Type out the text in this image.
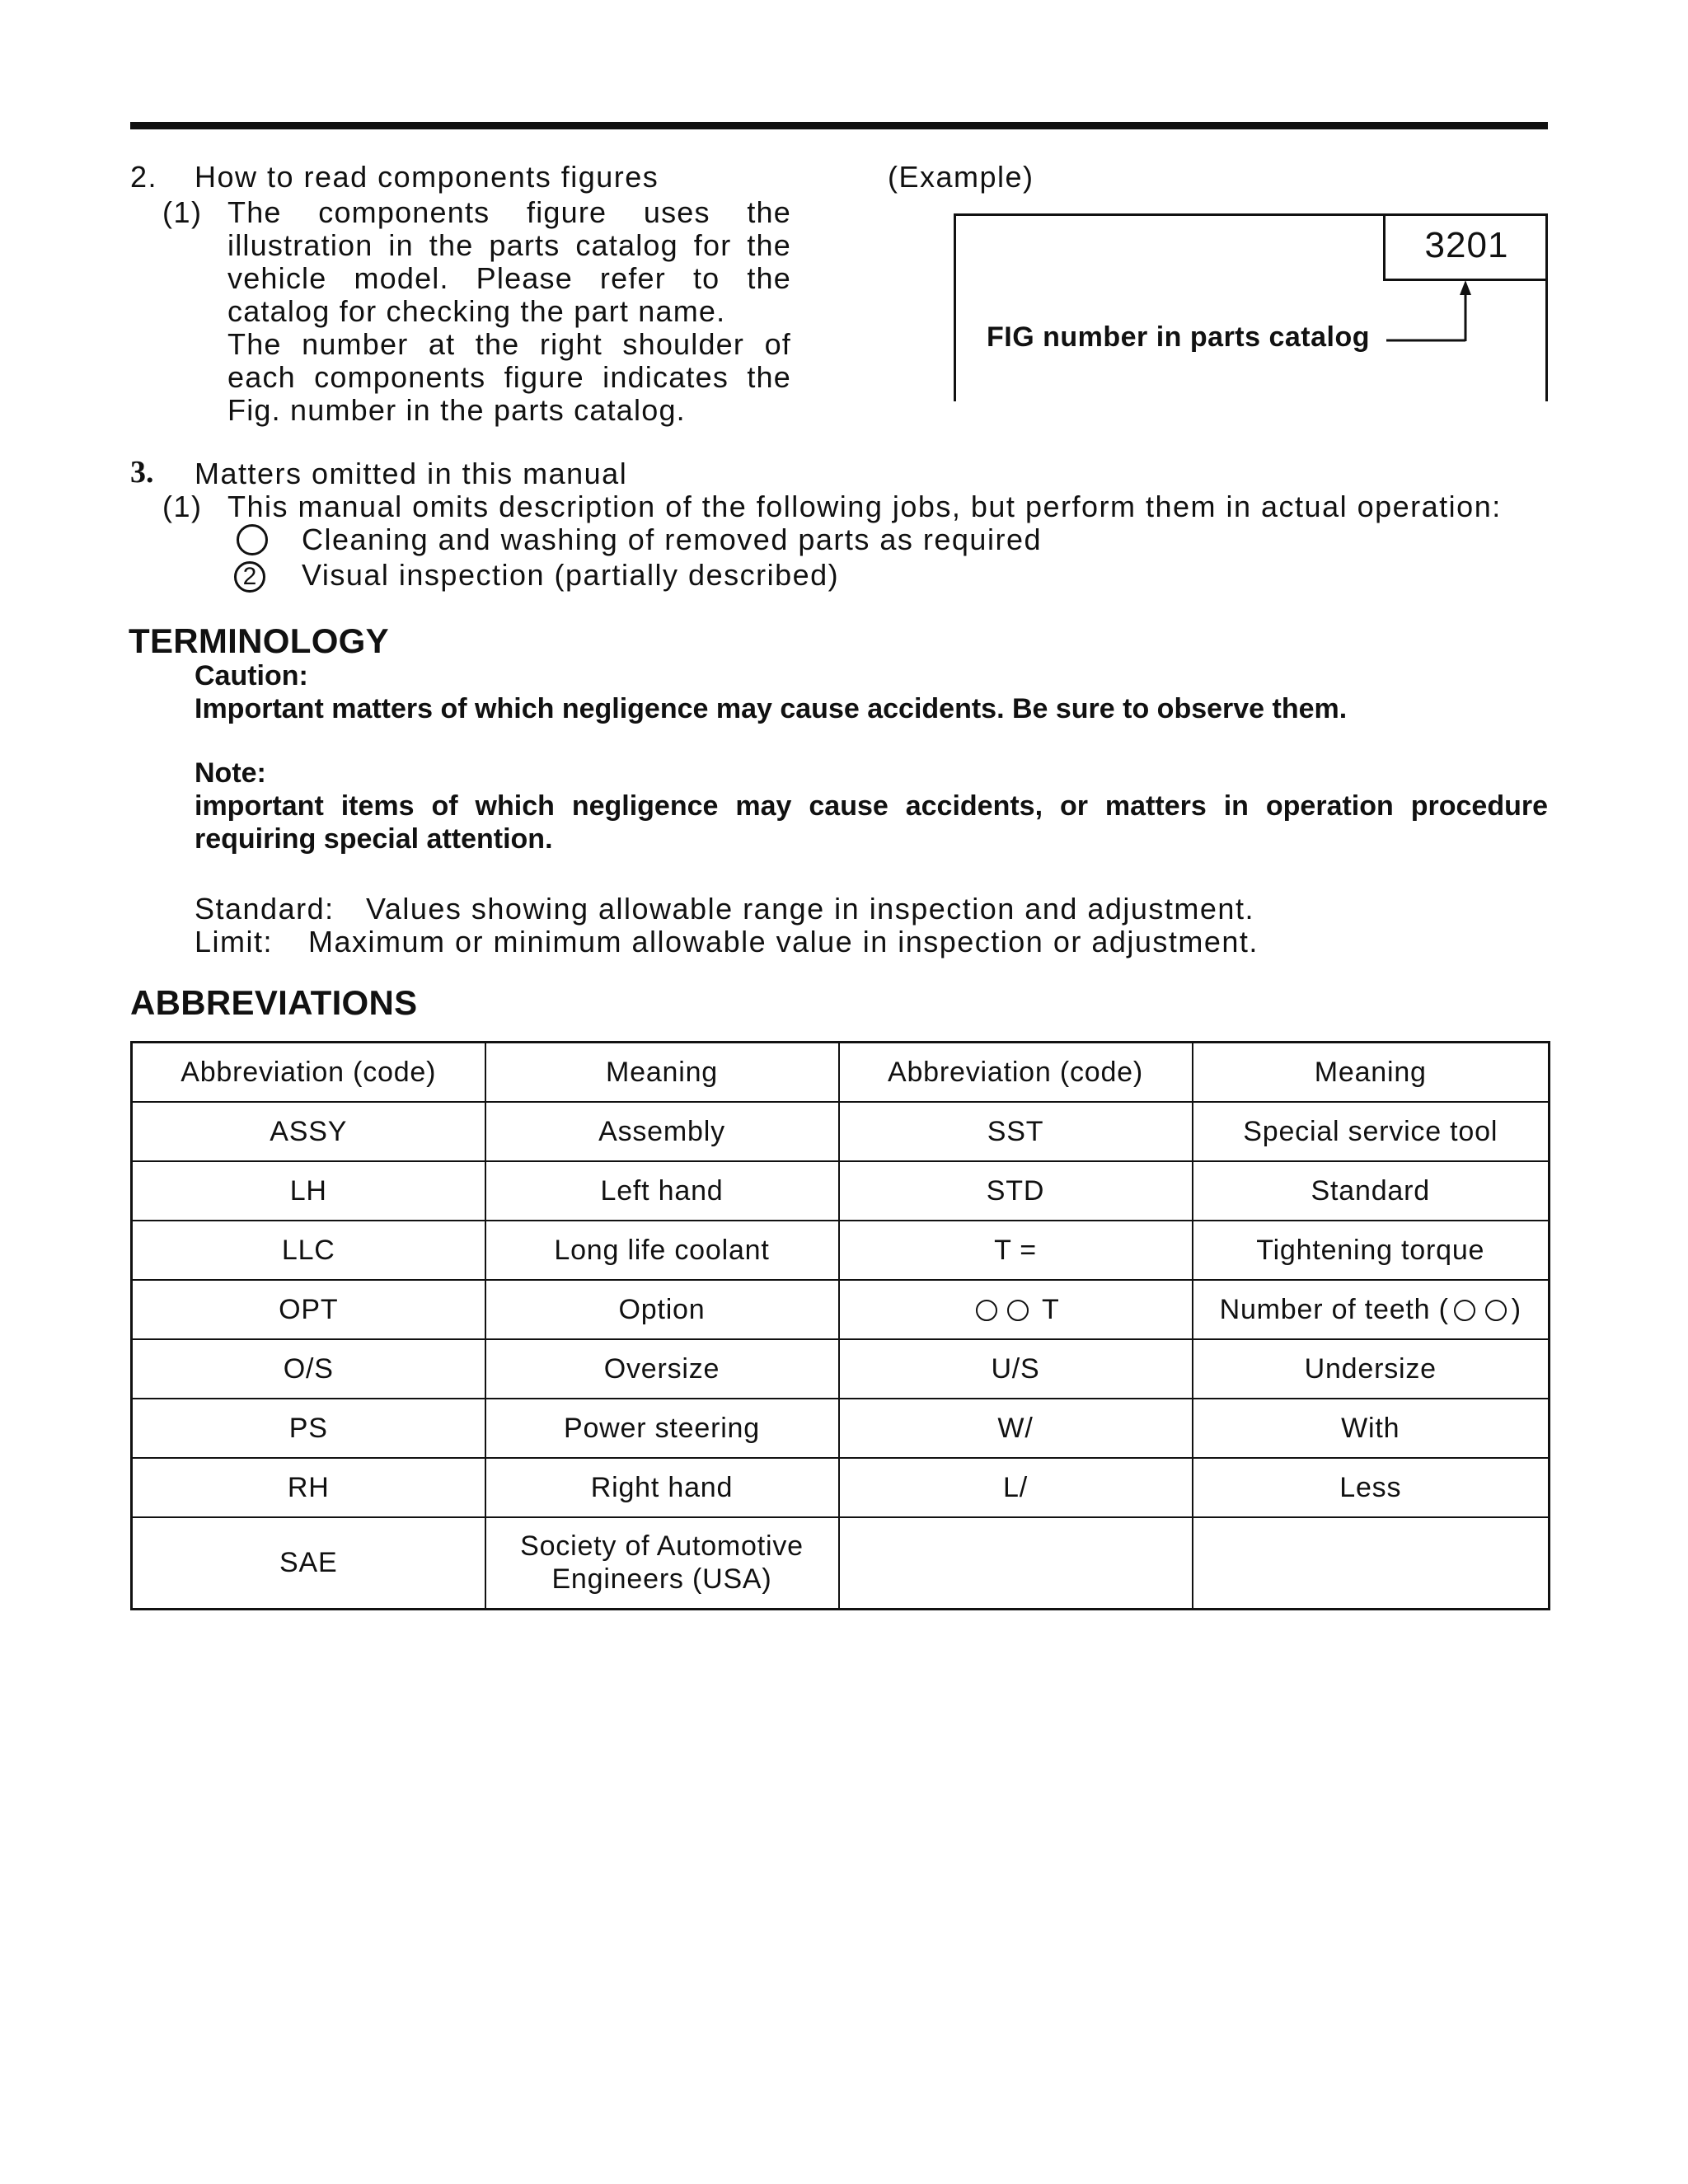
2. How to read components figures
(1) The components figure uses the illustration in the parts catalog for the vehicle model. Please refer to the catalog for checking the part name.

The number at the right shoulder of each components figure indicates the Fig. number in the parts catalog.

(Example)
3201
FIG number in parts catalog
3. Matters omitted in this manual
(1) This manual omits description of the following jobs, but perform them in actual operation:
Cleaning and washing of removed parts as required
2 Visual inspection (partially described)
TERMINOLOGY
Caution:
Important matters of which negligence may cause accidents. Be sure to observe them.
Note:
important items of which negligence may cause accidents, or matters in operation procedure requiring special attention.
Standard: Values showing allowable range in inspection and adjustment.
Limit: Maximum or minimum allowable value in inspection or adjustment.
ABBREVIATIONS
Abbreviation (code)	Meaning	Abbreviation (code)	Meaning
ASSY	Assembly	SST	Special service tool
LH	Left hand	STD	Standard
LLC	Long life coolant	T =	Tightening torque
OPT	Option	T	Number of teeth ( )
O/S	Oversize	U/S	Undersize
PS	Power steering	W/	With
RH	Right hand	L/	Less
SAE	Society of Automotive Engineers (USA)		
